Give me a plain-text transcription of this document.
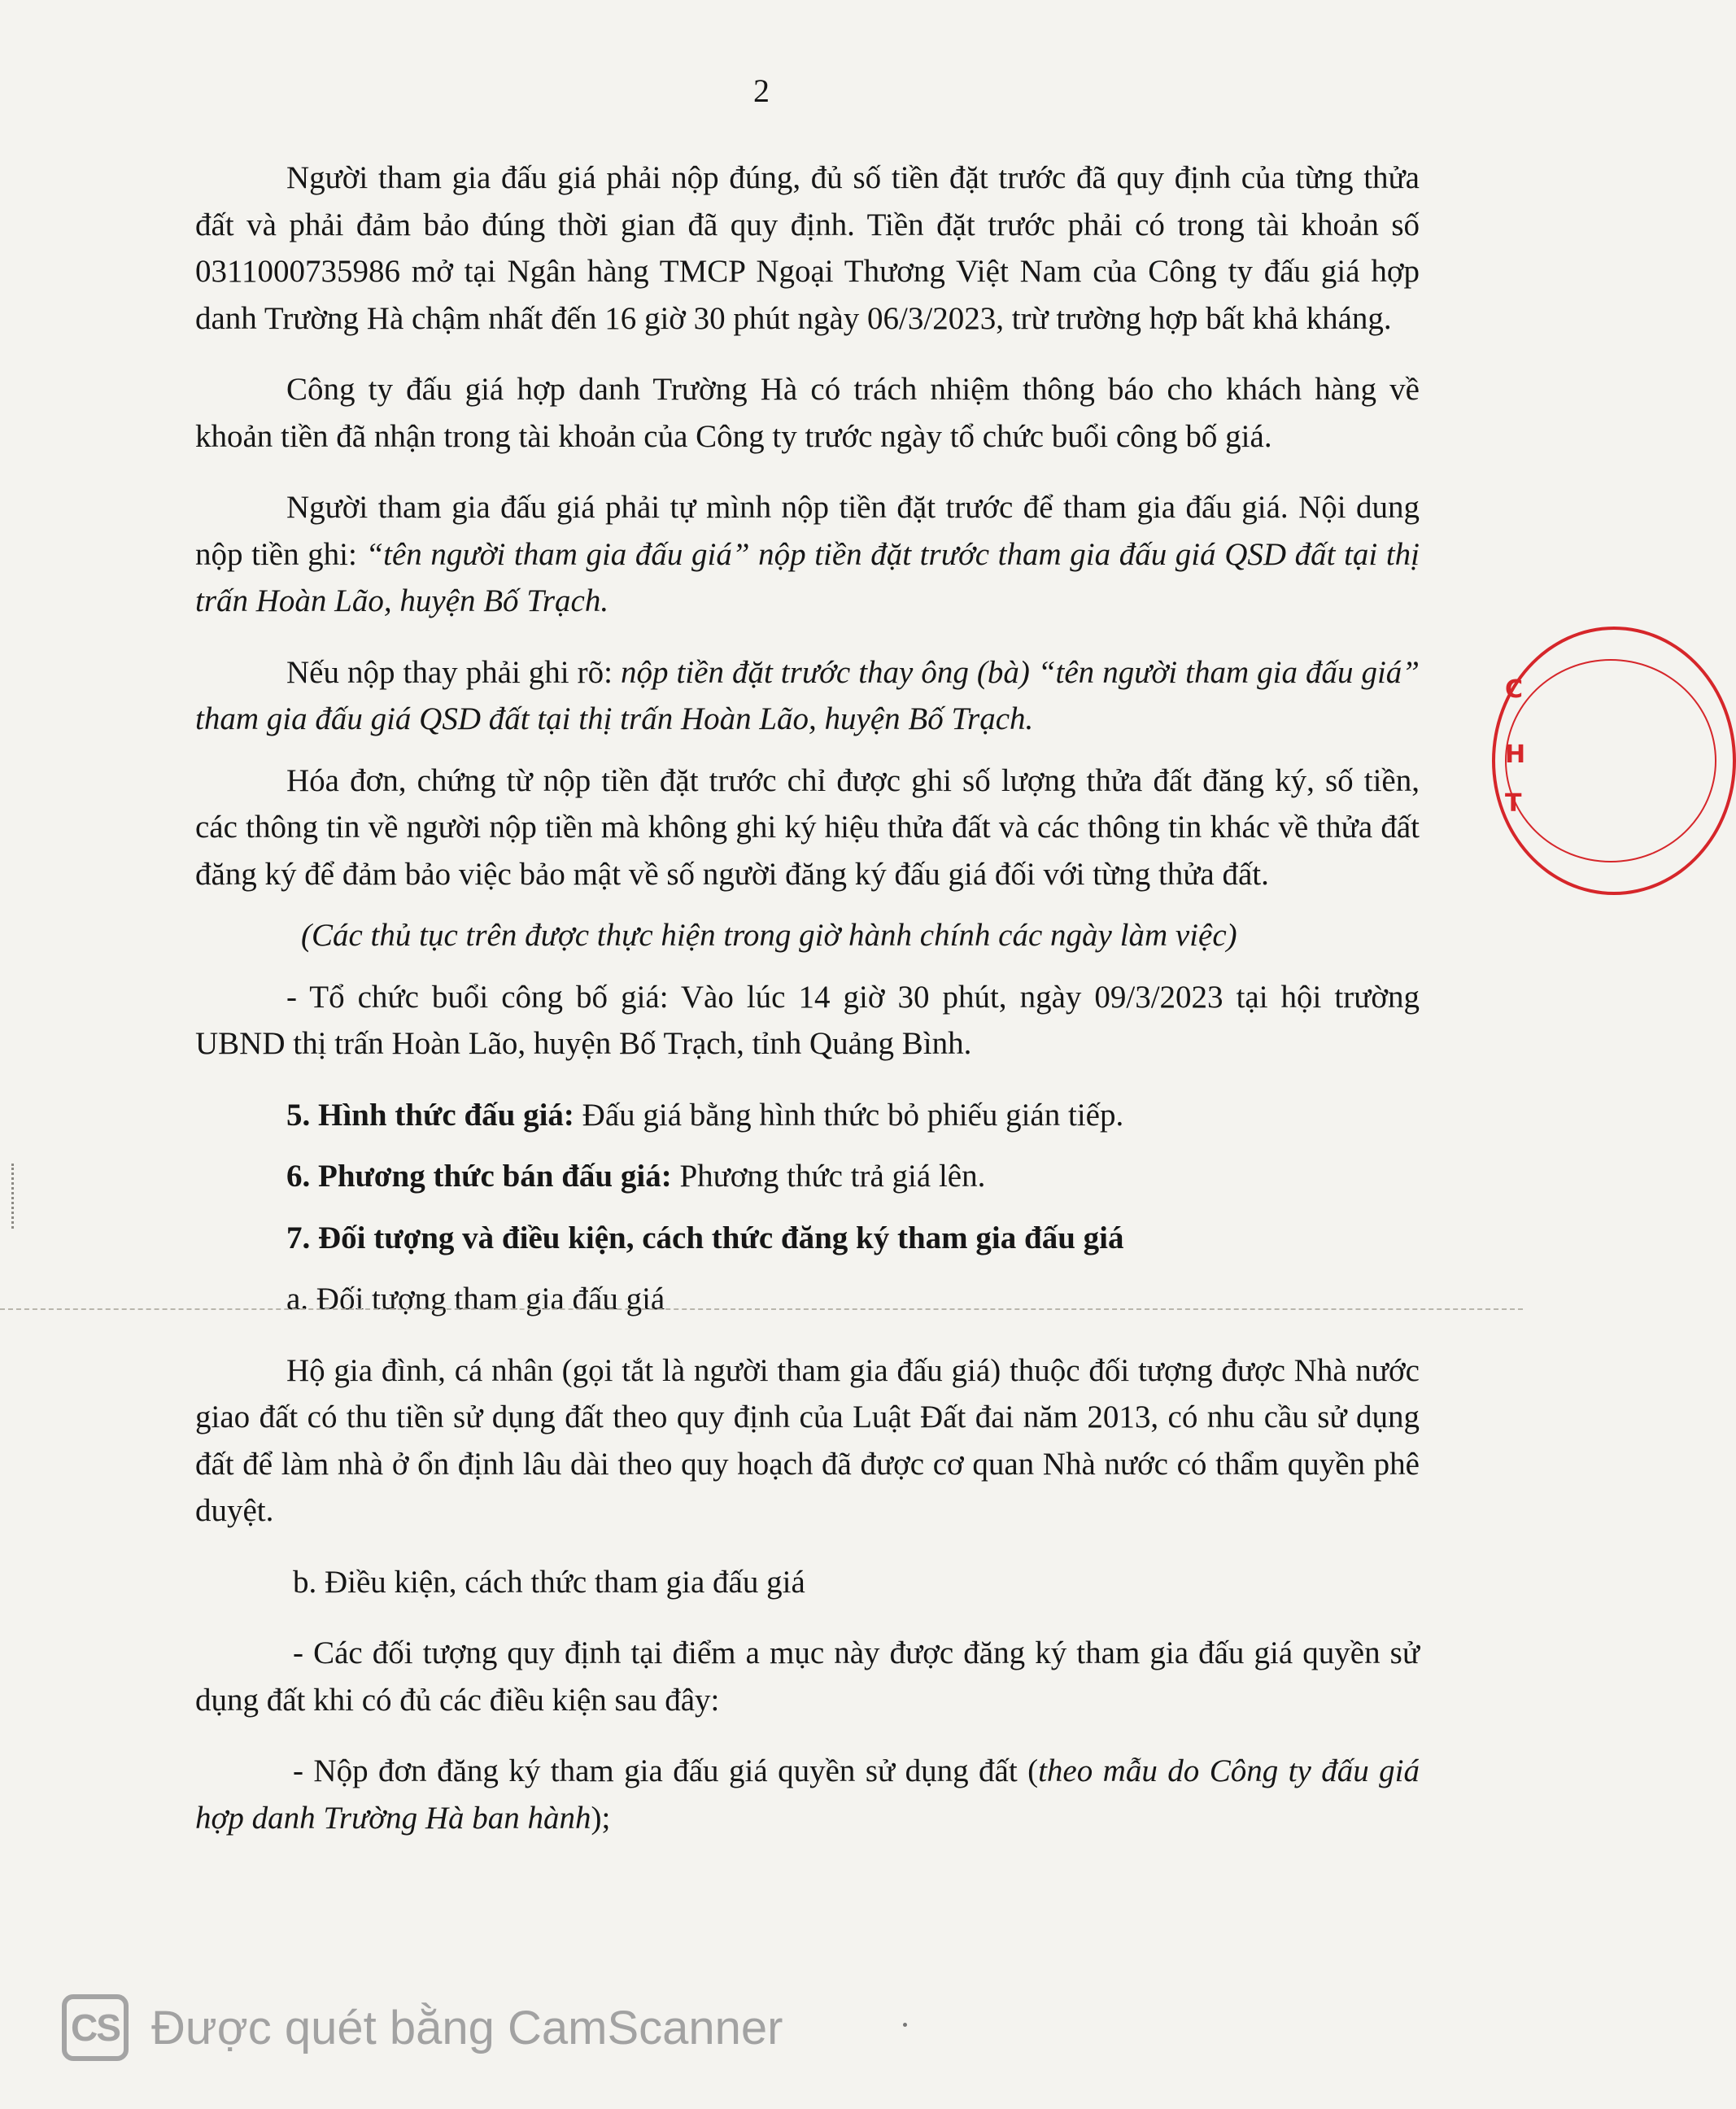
2

Người tham gia đấu giá phải nộp đúng, đủ số tiền đặt trước đã quy định của từng thửa đất và phải đảm bảo đúng thời gian đã quy định. Tiền đặt trước phải có trong tài khoản số 0311000735986 mở tại Ngân hàng TMCP Ngoại Thương Việt Nam của Công ty đấu giá hợp danh Trường Hà chậm nhất đến 16 giờ 30 phút ngày 06/3/2023, trừ trường hợp bất khả kháng.

Công ty đấu giá hợp danh Trường Hà có trách nhiệm thông báo cho khách hàng về khoản tiền đã nhận trong tài khoản của Công ty trước ngày tổ chức buổi công bố giá.

Người tham gia đấu giá phải tự mình nộp tiền đặt trước để tham gia đấu giá. Nội dung nộp tiền ghi: “tên người tham gia đấu giá” nộp tiền đặt trước tham gia đấu giá QSD đất tại thị trấn Hoàn Lão, huyện Bố Trạch.

Nếu nộp thay phải ghi rõ: nộp tiền đặt trước thay ông (bà) “tên người tham gia đấu giá” tham gia đấu giá QSD đất tại thị trấn Hoàn Lão, huyện Bố Trạch.

Hóa đơn, chứng từ nộp tiền đặt trước chỉ được ghi số lượng thửa đất đăng ký, số tiền, các thông tin về người nộp tiền mà không ghi ký hiệu thửa đất và các thông tin khác về thửa đất đăng ký để đảm bảo việc bảo mật về số người đăng ký đấu giá đối với từng thửa đất.

(Các thủ tục trên được thực hiện trong giờ hành chính các ngày làm việc)

- Tổ chức buổi công bố giá: Vào lúc 14 giờ 30 phút, ngày 09/3/2023 tại hội trường UBND thị trấn Hoàn Lão, huyện Bố Trạch, tỉnh Quảng Bình.

5. Hình thức đấu giá: Đấu giá bằng hình thức bỏ phiếu gián tiếp.

6. Phương thức bán đấu giá: Phương thức trả giá lên.

7. Đối tượng và điều kiện, cách thức đăng ký tham gia đấu giá

a. Đối tượng tham gia đấu giá

Hộ gia đình, cá nhân (gọi tắt là người tham gia đấu giá) thuộc đối tượng được Nhà nước giao đất có thu tiền sử dụng đất theo quy định của Luật Đất đai năm 2013, có nhu cầu sử dụng đất để làm nhà ở ổn định lâu dài theo quy hoạch đã được cơ quan Nhà nước có thẩm quyền phê duyệt.

b. Điều kiện, cách thức tham gia đấu giá

- Các đối tượng quy định tại điểm a mục này được đăng ký tham gia đấu giá quyền sử dụng đất khi có đủ các điều kiện sau đây:

- Nộp đơn đăng ký tham gia đấu giá quyền sử dụng đất (theo mẫu do Công ty đấu giá hợp danh Trường Hà ban hành);

C
H
T
CS Được quét bằng CamScanner
